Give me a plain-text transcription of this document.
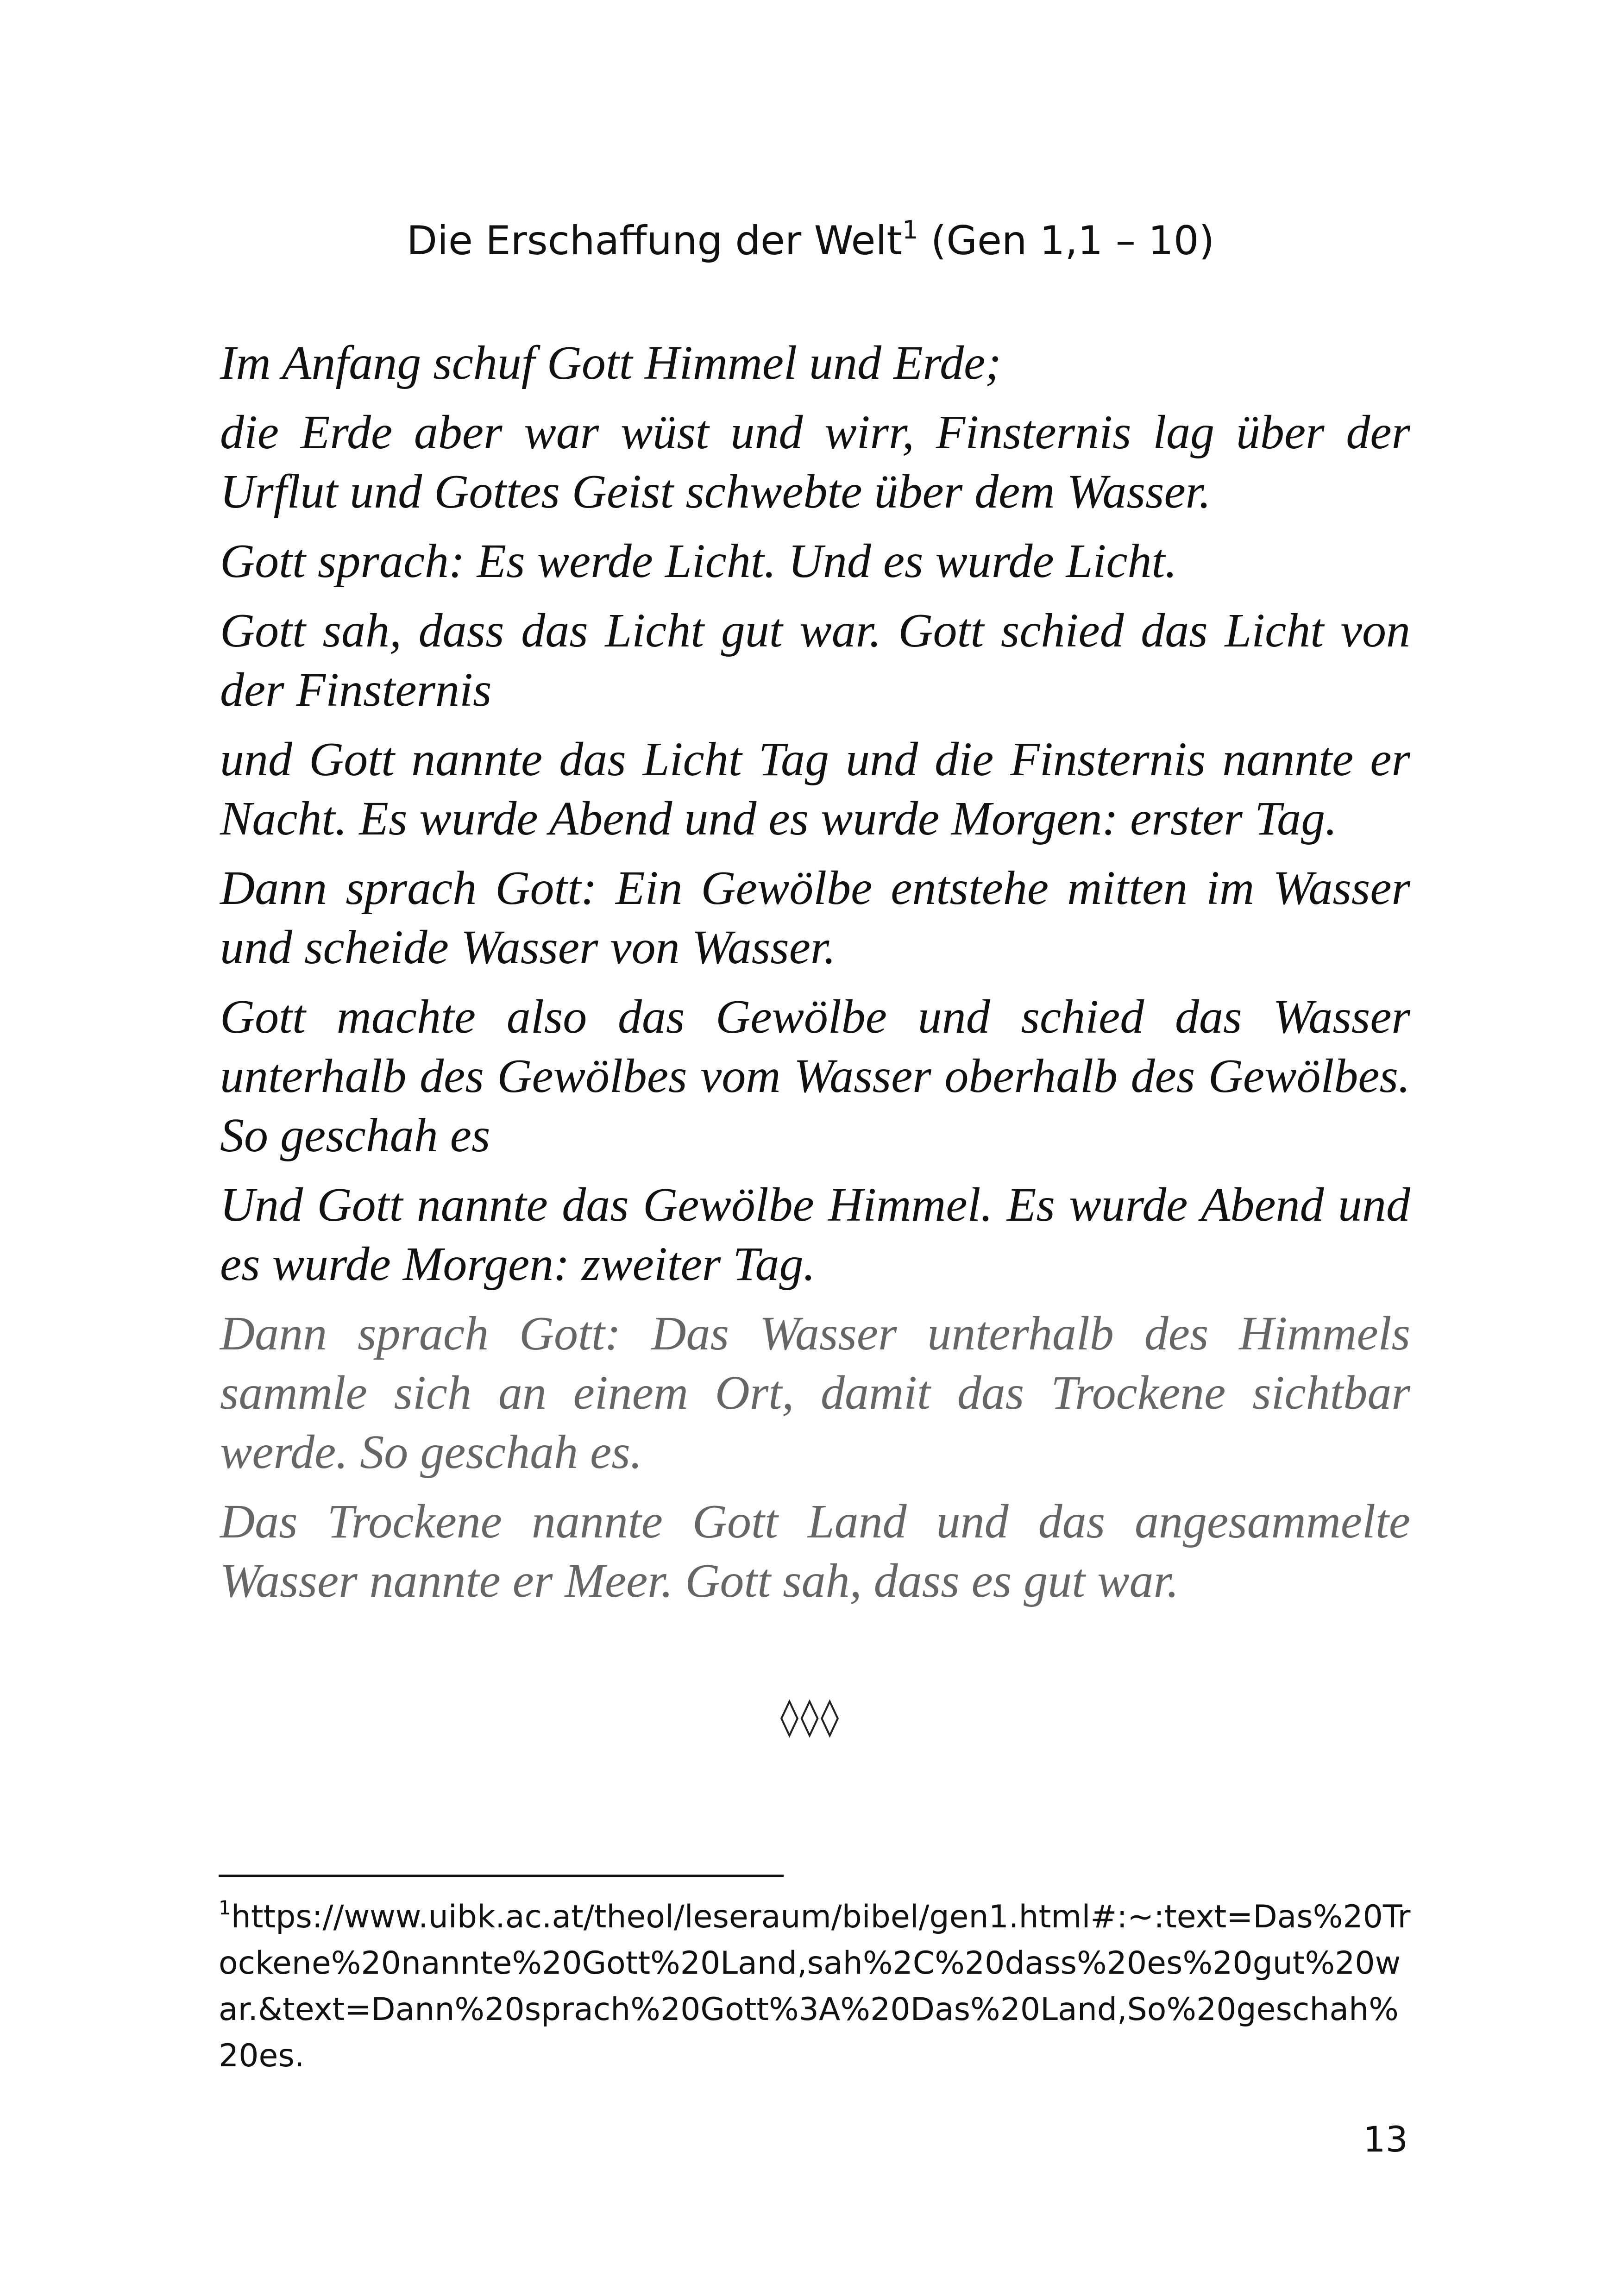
Die Erschaffung der Welt$^1$ (Gen 1,1 – 10)

Im Anfang schuf Gott Himmel und Erde;

die Erde aber war wüst und wirr, Finsternis lag über der Urflut und Gottes Geist schwebte über dem Wasser.

Gott sprach: Es werde Licht. Und es wurde Licht.

Gott sah, dass das Licht gut war. Gott schied das Licht von der Finsternis

und Gott nannte das Licht Tag und die Finsternis nannte er Nacht. Es wurde Abend und es wurde Morgen: erster Tag.

Dann sprach Gott: Ein Gewölbe entstehe mitten im Wasser und scheide Wasser von Wasser.

Gott machte also das Gewölbe und schied das Wasser unterhalb des Gewölbes vom Wasser oberhalb des Gewölbes. So geschah es

Und Gott nannte das Gewölbe Himmel. Es wurde Abend und es wurde Morgen: zweiter Tag.

Dann sprach Gott: Das Wasser unterhalb des Himmels sammle sich an einem Ort, damit das Trockene sichtbar werde. So geschah es.

Das Trockene nannte Gott Land und das angesammelte Wasser nannte er Meer. Gott sah, dass es gut war.

◊◊◊

$^1$https://www.uibk.ac.at/theol/leseraum/bibel/gen1.html#:~:text=Das%20Trockene%20nannte%20Gott%20Land,sah%2C%20dass%20es%20gut%20war.&text=Dann%20sprach%20Gott%3A%20Das%20Land,So%20geschah%20es.

13
